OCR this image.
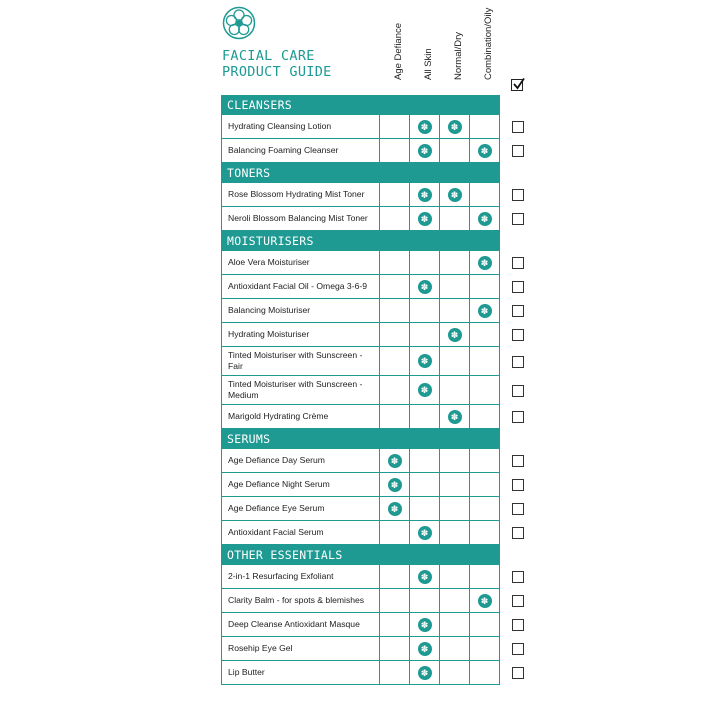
FACIAL CARE
PRODUCT GUIDE	Age Defiance All Skin Normal/Dry Combination/Oily
CLEANSERS
Hydrating Cleansing Lotion
✽
✽
Balancing Foaming Cleanser
✽
✽
TONERS
Rose Blossom Hydrating Mist Toner
✽
✽
Neroli Blossom Balancing Mist Toner
✽
✽
MOISTURISERS
Aloe Vera Moisturiser
✽
Antioxidant Facial Oil - Omega 3-6-9
✽
Balancing Moisturiser
✽
Hydrating Moisturiser
✽
Tinted Moisturiser with Sunscreen - Fair
✽
Tinted Moisturiser with Sunscreen - Medium
✽
Marigold Hydrating Crème
✽
SERUMS
Age Defiance Day Serum
✽
Age Defiance Night Serum
✽
Age Defiance Eye Serum
✽
Antioxidant Facial Serum
✽
OTHER ESSENTIALS
2-in-1 Resurfacing Exfoliant
✽
Clarity Balm - for spots & blemishes
✽
Deep Cleanse Antioxidant Masque
✽
Rosehip Eye Gel
✽
Lip Butter
✽
